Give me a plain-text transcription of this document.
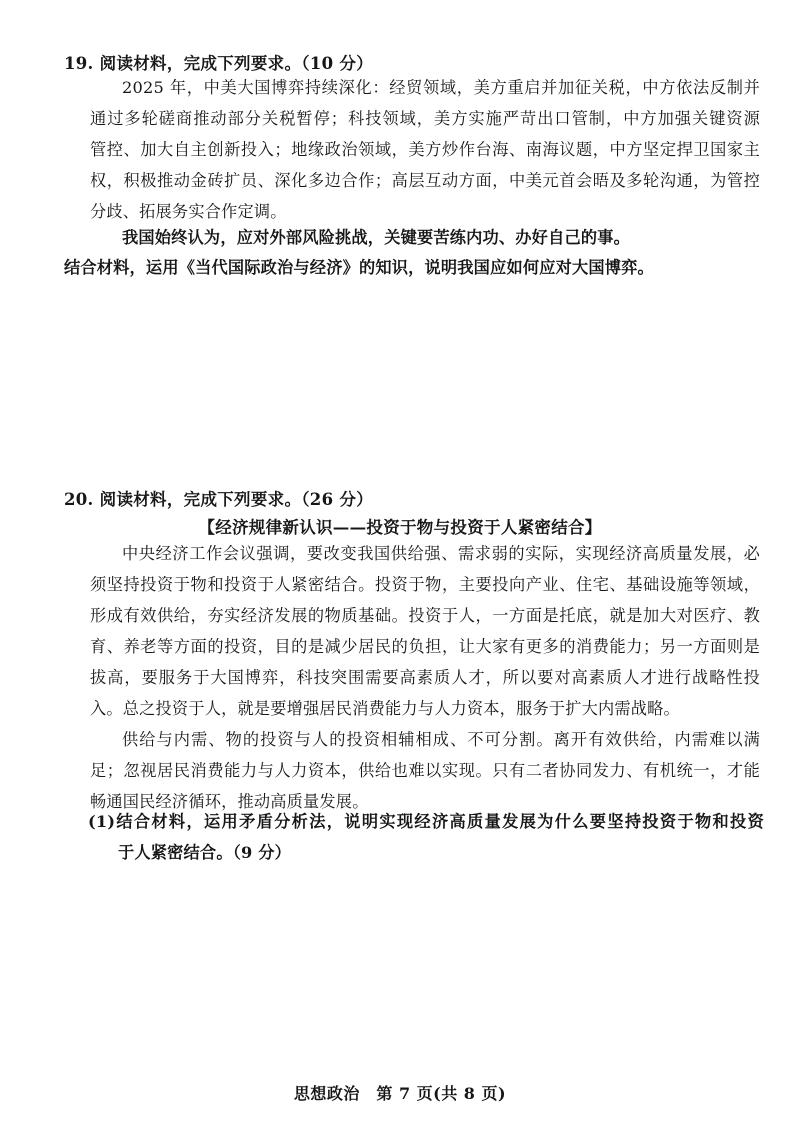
19. 阅读材料，完成下列要求。（10 分）
2025 年，中美大国博弈持续深化：经贸领域，美方重启并加征关税，中方依法反制并
通过多轮磋商推动部分关税暂停；科技领域，美方实施严苛出口管制，中方加强关键资源
管控、加大自主创新投入；地缘政治领域，美方炒作台海、南海议题，中方坚定捍卫国家主
权，积极推动金砖扩员、深化多边合作；高层互动方面，中美元首会晤及多轮沟通，为管控
分歧、拓展务实合作定调。
我国始终认为，应对外部风险挑战，关键要苦练内功、办好自己的事。
结合材料，运用《当代国际政治与经济》的知识，说明我国应如何应对大国博弈。
20. 阅读材料，完成下列要求。（26 分）
【经济规律新认识——投资于物与投资于人紧密结合】
中央经济工作会议强调，要改变我国供给强、需求弱的实际，实现经济高质量发展，必
须坚持投资于物和投资于人紧密结合。投资于物，主要投向产业、住宅、基础设施等领域，
形成有效供给，夯实经济发展的物质基础。投资于人，一方面是托底，就是加大对医疗、教
育、养老等方面的投资，目的是减少居民的负担，让大家有更多的消费能力；另一方面则是
拔高，要服务于大国博弈，科技突围需要高素质人才，所以要对高素质人才进行战略性投
入。总之投资于人，就是要增强居民消费能力与人力资本，服务于扩大内需战略。
供给与内需、物的投资与人的投资相辅相成、不可分割。离开有效供给，内需难以满
足；忽视居民消费能力与人力资本，供给也难以实现。只有二者协同发力、有机统一，才能
畅通国民经济循环，推动高质量发展。
(1)结合材料，运用矛盾分析法，说明实现经济高质量发展为什么要坚持投资于物和投资
于人紧密结合。（9 分）
思想政治　第 7 页(共 8 页)
